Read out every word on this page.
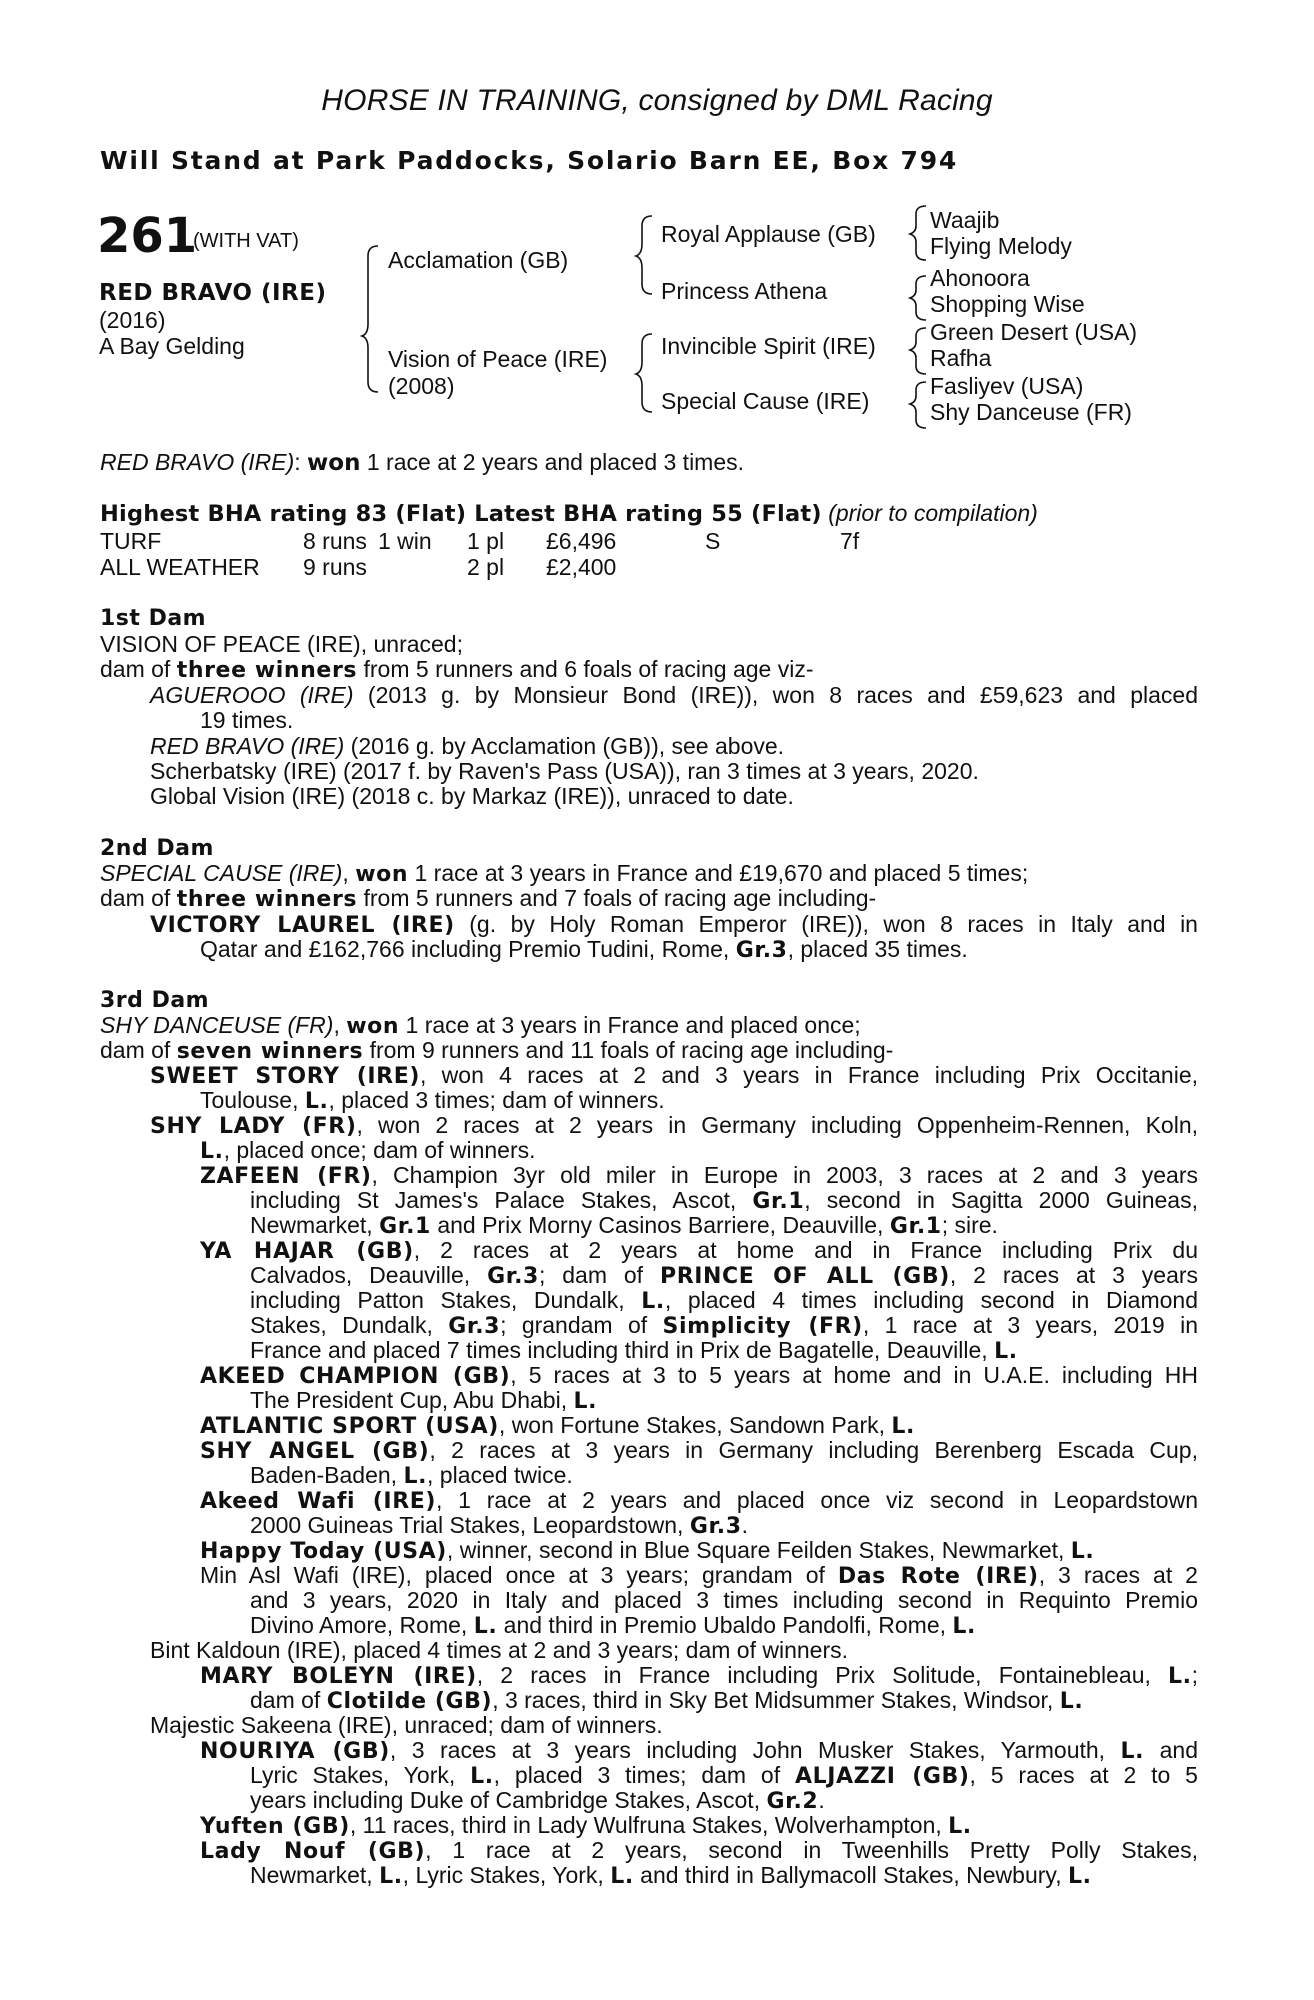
HORSE IN TRAINING, consigned by DML Racing
Will Stand at Park Paddocks, Solario Barn EE, Box 794
261
(WITH VAT)
RED BRAVO (IRE)
(2016)
A Bay Gelding
Acclamation (GB)
Vision of Peace (IRE)
(2008)
Royal Applause (GB)
Princess Athena
Invincible Spirit (IRE)
Special Cause (IRE)
Waajib
Flying Melody
Ahonoora
Shopping Wise
Green Desert (USA)
Rafha
Fasliyev (USA)
Shy Danceuse (FR)
RED BRAVO (IRE): won 1 race at 2 years and placed 3 times.
Highest BHA rating 83 (Flat) Latest BHA rating 55 (Flat) (prior to compilation)
TURF	8 runs 1 win 1 pl £6,496	S	7f
ALL WEATHER 9 runs	2 pl £2,400
1st Dam
VISION OF PEACE (IRE), unraced;
dam of three winners from 5 runners and 6 foals of racing age viz-
AGUEROOO (IRE) (2013 g. by Monsieur Bond (IRE)), won 8 races and £59,623 and placed
19 times.
RED BRAVO (IRE) (2016 g. by Acclamation (GB)), see above.
Scherbatsky (IRE) (2017 f. by Raven's Pass (USA)), ran 3 times at 3 years, 2020.
Global Vision (IRE) (2018 c. by Markaz (IRE)), unraced to date.
2nd Dam
SPECIAL CAUSE (IRE), won 1 race at 3 years in France and £19,670 and placed 5 times;
dam of three winners from 5 runners and 7 foals of racing age including-
VICTORY LAUREL (IRE) (g. by Holy Roman Emperor (IRE)), won 8 races in Italy and in
Qatar and £162,766 including Premio Tudini, Rome, Gr.3, placed 35 times.
3rd Dam
SHY DANCEUSE (FR), won 1 race at 3 years in France and placed once;
dam of seven winners from 9 runners and 11 foals of racing age including-
SWEET STORY (IRE), won 4 races at 2 and 3 years in France including Prix Occitanie,
Toulouse, L., placed 3 times; dam of winners.
SHY LADY (FR), won 2 races at 2 years in Germany including Oppenheim-Rennen, Koln,
L., placed once; dam of winners.
ZAFEEN (FR), Champion 3yr old miler in Europe in 2003, 3 races at 2 and 3 years
including St James's Palace Stakes, Ascot, Gr.1, second in Sagitta 2000 Guineas,
Newmarket, Gr.1 and Prix Morny Casinos Barriere, Deauville, Gr.1; sire.
YA HAJAR (GB), 2 races at 2 years at home and in France including Prix du
Calvados, Deauville, Gr.3; dam of PRINCE OF ALL (GB), 2 races at 3 years
including Patton Stakes, Dundalk, L., placed 4 times including second in Diamond
Stakes, Dundalk, Gr.3; grandam of Simplicity (FR), 1 race at 3 years, 2019 in
France and placed 7 times including third in Prix de Bagatelle, Deauville, L.
AKEED CHAMPION (GB), 5 races at 3 to 5 years at home and in U.A.E. including HH
The President Cup, Abu Dhabi, L.
ATLANTIC SPORT (USA), won Fortune Stakes, Sandown Park, L.
SHY ANGEL (GB), 2 races at 3 years in Germany including Berenberg Escada Cup,
Baden-Baden, L., placed twice.
Akeed Wafi (IRE), 1 race at 2 years and placed once viz second in Leopardstown
2000 Guineas Trial Stakes, Leopardstown, Gr.3.
Happy Today (USA), winner, second in Blue Square Feilden Stakes, Newmarket, L.
Min Asl Wafi (IRE), placed once at 3 years; grandam of Das Rote (IRE), 3 races at 2
and 3 years, 2020 in Italy and placed 3 times including second in Requinto Premio
Divino Amore, Rome, L. and third in Premio Ubaldo Pandolfi, Rome, L.
Bint Kaldoun (IRE), placed 4 times at 2 and 3 years; dam of winners.
MARY BOLEYN (IRE), 2 races in France including Prix Solitude, Fontainebleau, L.;
dam of Clotilde (GB), 3 races, third in Sky Bet Midsummer Stakes, Windsor, L.
Majestic Sakeena (IRE), unraced; dam of winners.
NOURIYA (GB), 3 races at 3 years including John Musker Stakes, Yarmouth, L. and
Lyric Stakes, York, L., placed 3 times; dam of ALJAZZI (GB), 5 races at 2 to 5
years including Duke of Cambridge Stakes, Ascot, Gr.2.
Yuften (GB), 11 races, third in Lady Wulfruna Stakes, Wolverhampton, L.
Lady Nouf (GB), 1 race at 2 years, second in Tweenhills Pretty Polly Stakes,
Newmarket, L., Lyric Stakes, York, L. and third in Ballymacoll Stakes, Newbury, L.
